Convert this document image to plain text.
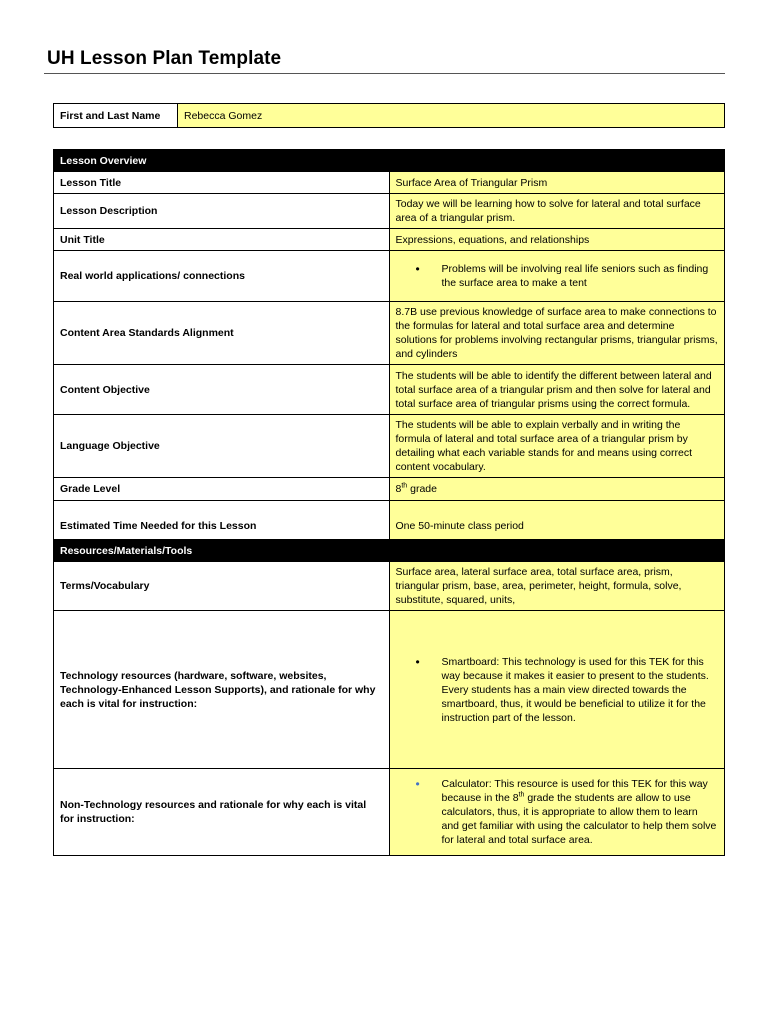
UH Lesson Plan Template
First and Last Name	Rebecca Gomez
Lesson Overview	
Lesson Title	Surface Area of Triangular Prism
Lesson Description	Today we will be learning how to solve for lateral and total surface area of a triangular prism.
Unit Title	Expressions, equations, and relationships
Real world applications/ connections	• Problems will be involving real life seniors such as finding the surface area to make a tent

Content Area Standards Alignment	8.7B use previous knowledge of surface area to make connections to the formulas for lateral and total surface area and determine solutions for problems involving rectangular prisms, triangular prisms, and cylinders
Content Objective	The students will be able to identify the different between lateral and total surface area of a triangular prism and then solve for lateral and total surface area of triangular prisms using the correct formula.
Language Objective	The students will be able to explain verbally and in writing the formula of lateral and total surface area of a triangular prism by detailing what each variable stands for and means using correct content vocabulary.
Grade Level	8th grade
Estimated Time Needed for this Lesson	One 50-minute class period
Resources/Materials/Tools	
Terms/Vocabulary	Surface area, lateral surface area, total surface area, prism, triangular prism, base, area, perimeter, height, formula, solve, substitute, squared, units,
Technology resources (hardware, software, websites, Technology-Enhanced Lesson Supports), and rationale for why each is vital for instruction:	• Smartboard: This technology is used for this TEK for this way because it makes it easier to present to the students. Every students has a main view directed towards the smartboard, thus, it would be beneficial to utilize it for the instruction part of the lesson.

Non-Technology resources and rationale for why each is vital for instruction:	• Calculator: This resource is used for this TEK for this way because in the 8th grade the students are allow to use calculators, thus, it is appropriate to allow them to learn and get familiar with using the calculator to help them solve for lateral and total surface area.
